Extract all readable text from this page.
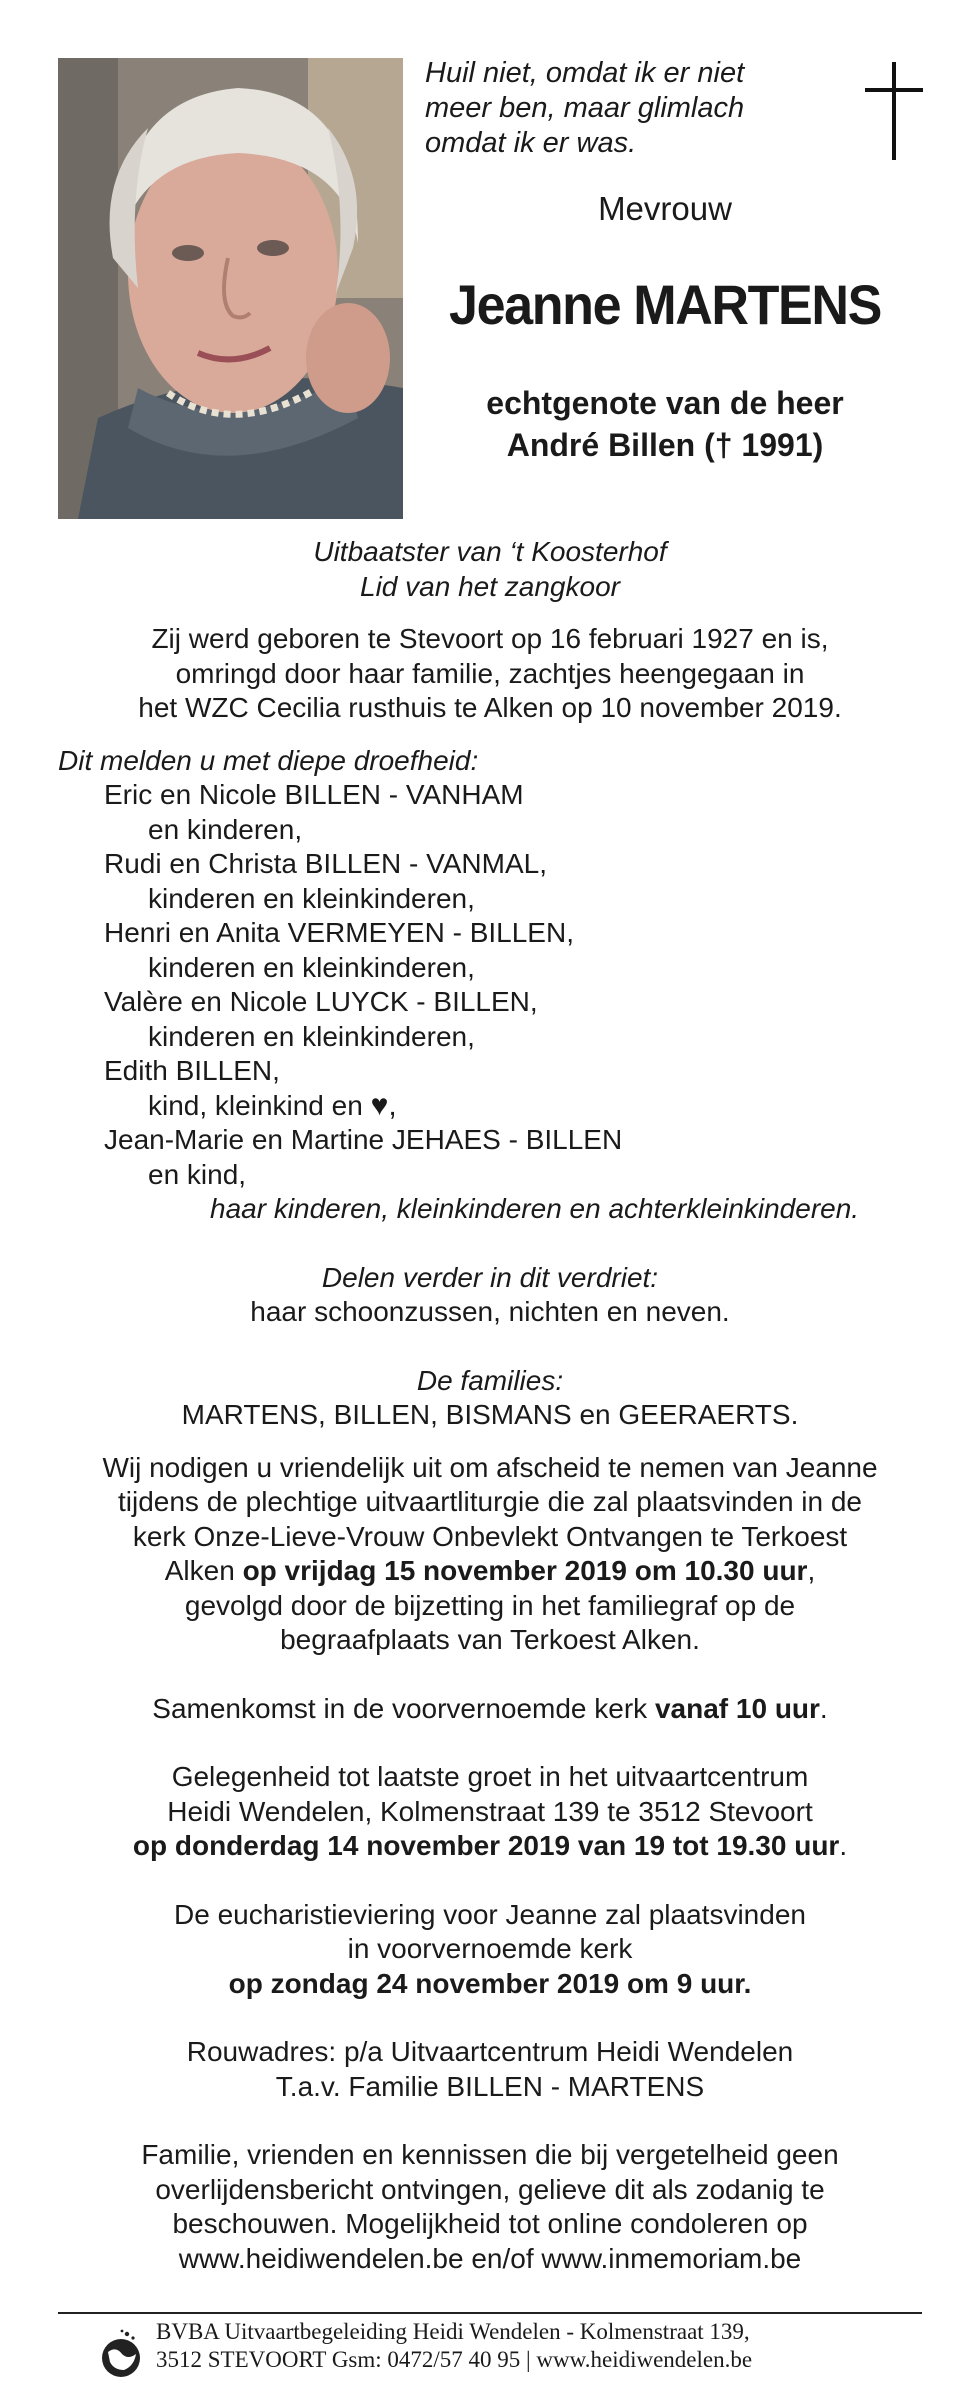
Huil niet, omdat ik er niet
meer ben, maar glimlach
omdat ik er was.

Mevrouw
Jeanne MARTENS
echtgenote van de heer
André Billen († 1991)
Uitbaatster van ‘t Koosterhof
Lid van het zangkoor
Zij werd geboren te Stevoort op 16 februari 1927 en is,
omringd door haar familie, zachtjes heengegaan in
het WZC Cecilia rusthuis te Alken op 10 november 2019.
Dit melden u met diepe droefheid:
Eric en Nicole BILLEN - VANHAM
en kinderen,
Rudi en Christa BILLEN - VANMAL,
kinderen en kleinkinderen,
Henri en Anita VERMEYEN - BILLEN,
kinderen en kleinkinderen,
Valère en Nicole LUYCK - BILLEN,
kinderen en kleinkinderen,
Edith BILLEN,
kind, kleinkind en ♥,
Jean-Marie en Martine JEHAES - BILLEN
en kind,
haar kinderen, kleinkinderen en achterkleinkinderen.
Delen verder in dit verdriet:
haar schoonzussen, nichten en neven.
De families:
MARTENS, BILLEN, BISMANS en GEERAERTS.
Wij nodigen u vriendelijk uit om afscheid te nemen van Jeanne
tijdens de plechtige uitvaartliturgie die zal plaatsvinden in de
kerk Onze-Lieve-Vrouw Onbevlekt Ontvangen te Terkoest
Alken op vrijdag 15 november 2019 om 10.30 uur,
gevolgd door de bijzetting in het familiegraf op de
begraafplaats van Terkoest Alken.
Samenkomst in de voorvernoemde kerk vanaf 10 uur.
Gelegenheid tot laatste groet in het uitvaartcentrum
Heidi Wendelen, Kolmenstraat 139 te 3512 Stevoort
op donderdag 14 november 2019 van 19 tot 19.30 uur.
De eucharistieviering voor Jeanne zal plaatsvinden
in voorvernoemde kerk
op zondag 24 november 2019 om 9 uur.
Rouwadres: p/a Uitvaartcentrum Heidi Wendelen
T.a.v. Familie BILLEN - MARTENS
Familie, vrienden en kennissen die bij vergetelheid geen
overlijdensbericht ontvingen, gelieve dit als zodanig te
beschouwen. Mogelijkheid tot online condoleren op
www.heidiwendelen.be en/of www.inmemoriam.be
BVBA Uitvaartbegeleiding Heidi Wendelen - Kolmenstraat 139,
3512 STEVOORT Gsm: 0472/57 40 95 | www.heidiwendelen.be
